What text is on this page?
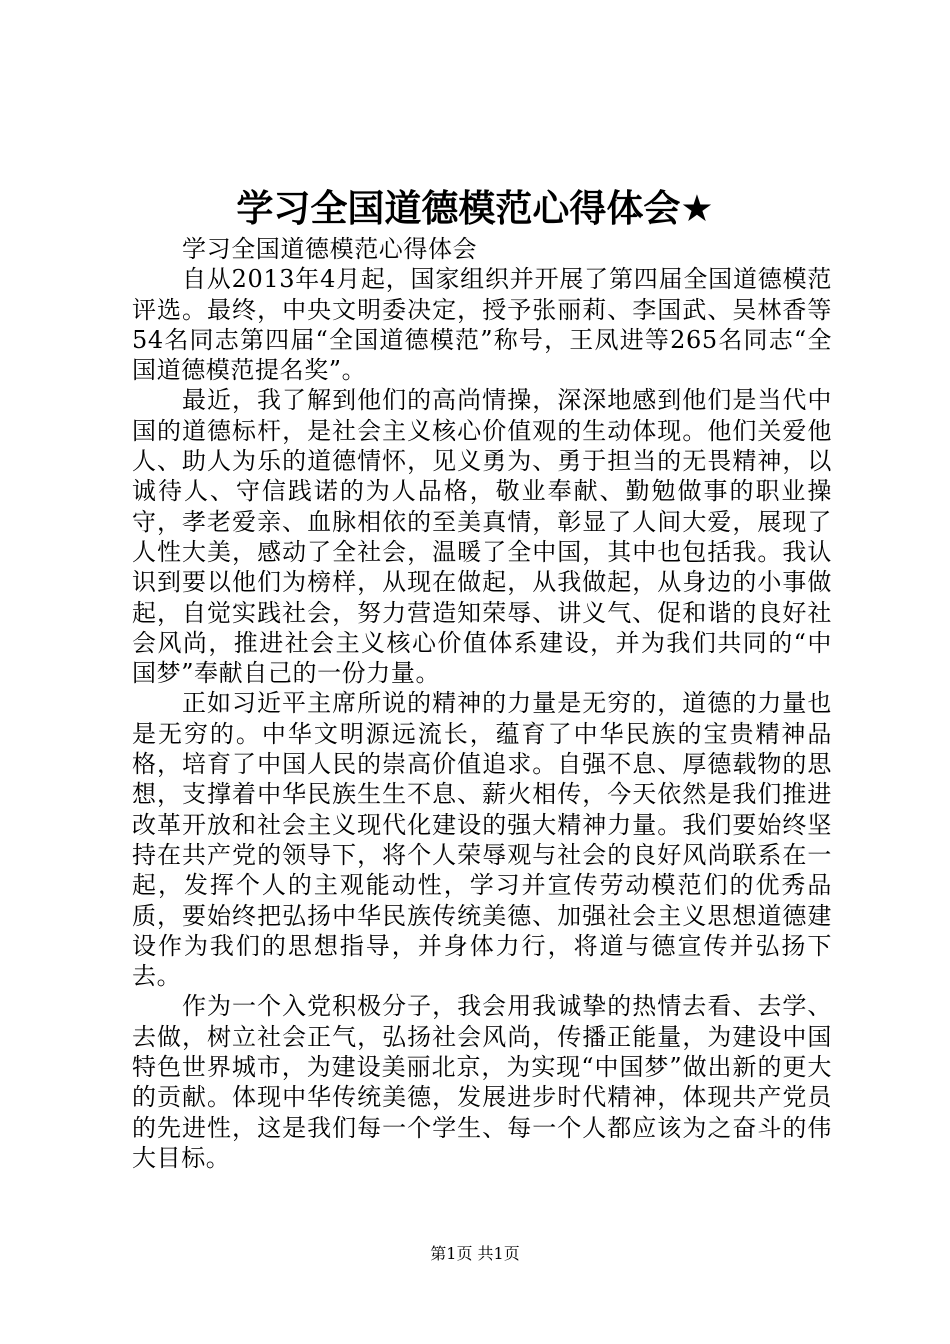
学习全国道德模范心得体会★

学习全国道德模范心得体会

自从2013年4月起，国家组织并开展了第四届全国道德模范评选。最终，中央文明委决定，授予张丽莉、李国武、吴林香等54名同志第四届“全国道德模范”称号，王凤进等265名同志“全国道德模范提名奖”。

最近，我了解到他们的高尚情操，深深地感到他们是当代中国的道德标杆，是社会主义核心价值观的生动体现。他们关爱他人、助人为乐的道德情怀，见义勇为、勇于担当的无畏精神，以诚待人、守信践诺的为人品格，敬业奉献、勤勉做事的职业操守，孝老爱亲、血脉相依的至美真情，彰显了人间大爱，展现了人性大美，感动了全社会，温暖了全中国，其中也包括我。我认识到要以他们为榜样，从现在做起，从我做起，从身边的小事做起，自觉实践社会，努力营造知荣辱、讲义气、促和谐的良好社会风尚，推进社会主义核心价值体系建设，并为我们共同的“中国梦”奉献自己的一份力量。

正如习近平主席所说的精神的力量是无穷的，道德的力量也是无穷的。中华文明源远流长，蕴育了中华民族的宝贵精神品格，培育了中国人民的崇高价值追求。自强不息、厚德载物的思想，支撑着中华民族生生不息、薪火相传，今天依然是我们推进改革开放和社会主义现代化建设的强大精神力量。我们要始终坚持在共产党的领导下，将个人荣辱观与社会的良好风尚联系在一起，发挥个人的主观能动性，学习并宣传劳动模范们的优秀品质，要始终把弘扬中华民族传统美德、加强社会主义思想道德建设作为我们的思想指导，并身体力行，将道与德宣传并弘扬下去。

作为一个入党积极分子，我会用我诚挚的热情去看、去学、去做，树立社会正气，弘扬社会风尚，传播正能量，为建设中国特色世界城市，为建设美丽北京，为实现“中国梦”做出新的更大的贡献。体现中华传统美德，发展进步时代精神，体现共产党员的先进性，这是我们每一个学生、每一个人都应该为之奋斗的伟大目标。

第1页 共1页
